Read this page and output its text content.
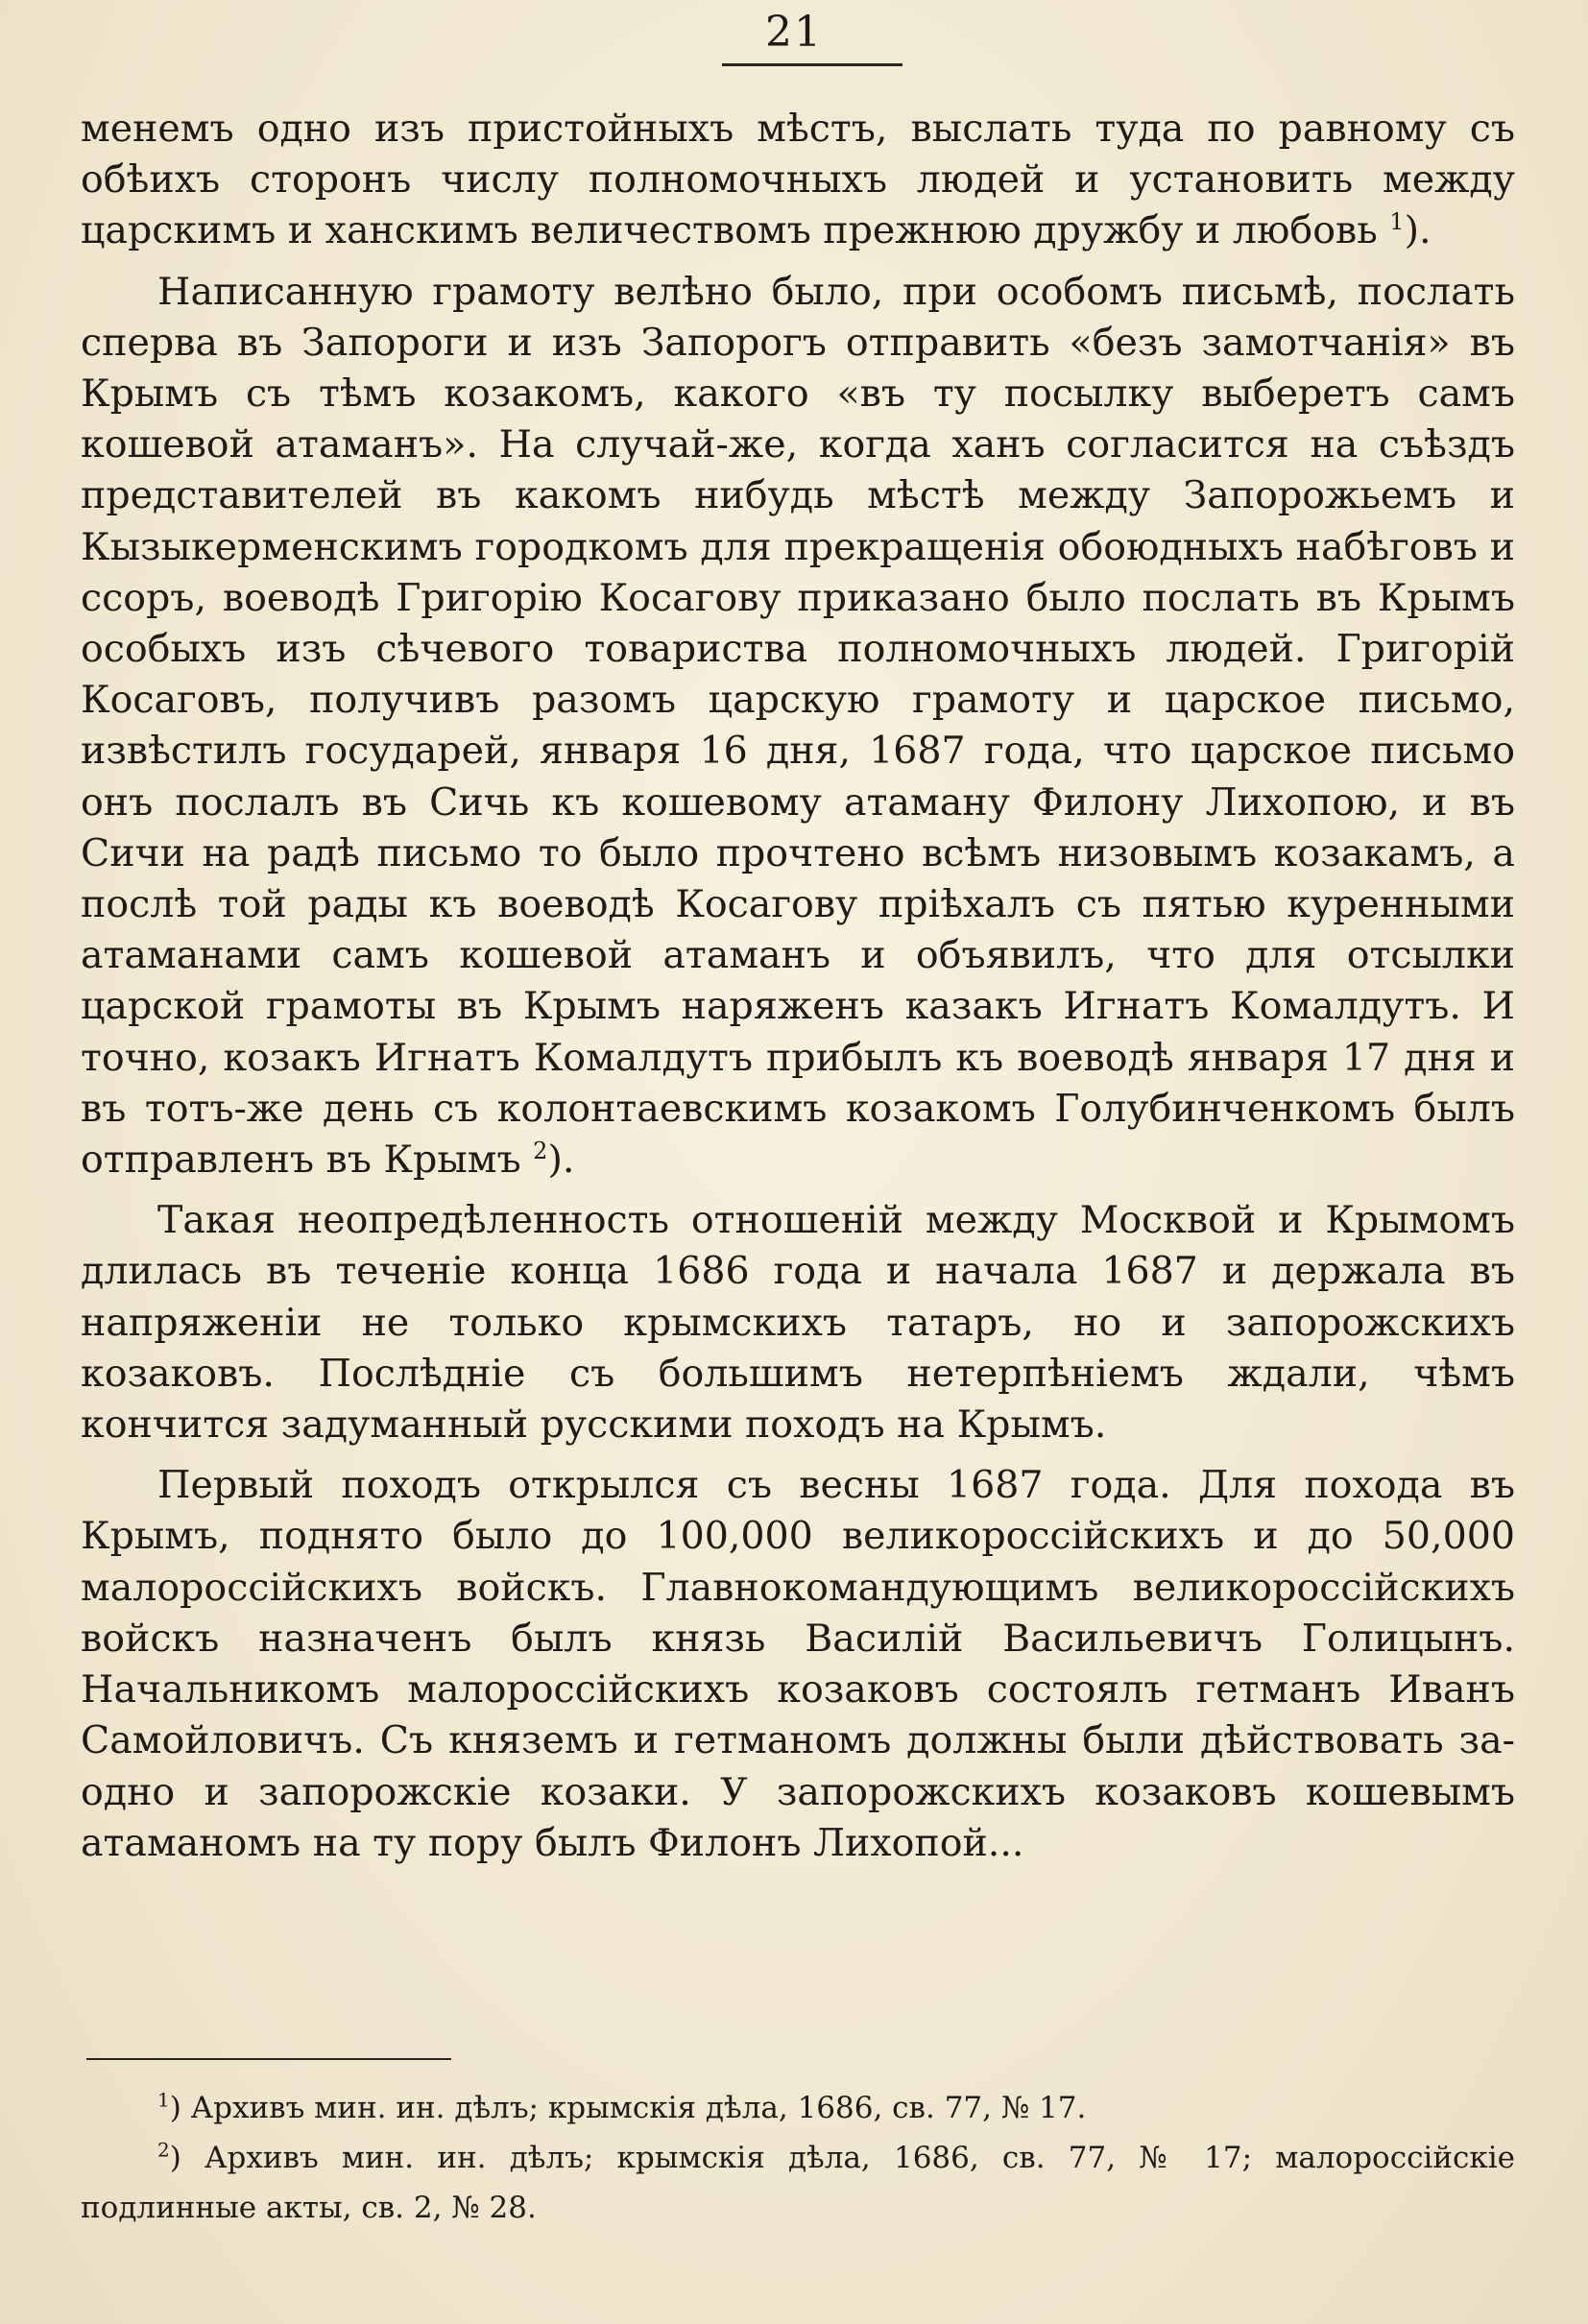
21

менемъ одно изъ пристойныхъ мѣстъ, выслать туда по равному съ обѣихъ сторонъ числу полномочныхъ людей и установить между царскимъ и ханскимъ величествомъ прежнюю дружбу и любовь $^1$).

Написанную грамоту велѣно было, при особомъ письмѣ, послать сперва въ Запороги и изъ Запорогъ отправить «безъ замотчанія» въ Крымъ съ тѣмъ козакомъ, какого «въ ту посылку выберетъ самъ кошевой атаманъ». На случай-же, когда ханъ согласится на съѣздъ представителей въ какомъ нибудь мѣстѣ между Запорожьемъ и Кызыкерменскимъ городкомъ для прекращенія обоюдныхъ набѣговъ и ссоръ, воеводѣ Григорію Косагову приказано было послать въ Крымъ особыхъ изъ сѣчевого товариства полномочныхъ людей. Григорій Косаговъ, получивъ разомъ царскую грамоту и царское письмо, извѣстилъ государей, января 16 дня, 1687 года, что царское письмо онъ послалъ въ Сичь къ кошевому атаману Филону Лихопою, и въ Сичи на радѣ письмо то было прочтено всѣмъ низовымъ козакамъ, а послѣ той рады къ воеводѣ Косагову пріѣхалъ съ пятью куренными атаманами самъ кошевой атаманъ и объявилъ, что для отсылки царской грамоты въ Крымъ наряженъ казакъ Игнатъ Комалдутъ. И точно, козакъ Игнатъ Комалдутъ прибылъ къ воеводѣ января 17 дня и въ тотъ-же день съ колонтаевскимъ козакомъ Голубинченкомъ былъ отправленъ въ Крымъ $^2$).

Такая неопредѣленность отношеній между Москвой и Крымомъ длилась въ теченіе конца 1686 года и начала 1687 и держала въ напряженіи не только крымскихъ татаръ, но и запорожскихъ козаковъ. Послѣдніе съ большимъ нетерпѣніемъ ждали, чѣмъ кончится задуманный русскими походъ на Крымъ.

Первый походъ открылся съ весны 1687 года. Для похода въ Крымъ, поднято было до 100,000 великороссійскихъ и до 50,000 малороссійскихъ войскъ. Главнокомандующимъ великороссійскихъ войскъ назначенъ былъ князь Василій Васильевичъ Голицынъ. Начальникомъ малороссійскихъ козаковъ состоялъ гетманъ Иванъ Самойловичъ. Съ княземъ и гетманомъ должны были дѣйствовать за-одно и запорожскіе козаки. У запорожскихъ козаковъ кошевымъ атаманомъ на ту пору былъ Филонъ Лихопой...

$^1$) Архивъ мин. ин. дѣлъ; крымскія дѣла, 1686, св. 77, № 17.

$^2$) Архивъ мин. ин. дѣлъ; крымскія дѣла, 1686, св. 77, № 17; малороссійскіе подлинные акты, св. 2, № 28.
